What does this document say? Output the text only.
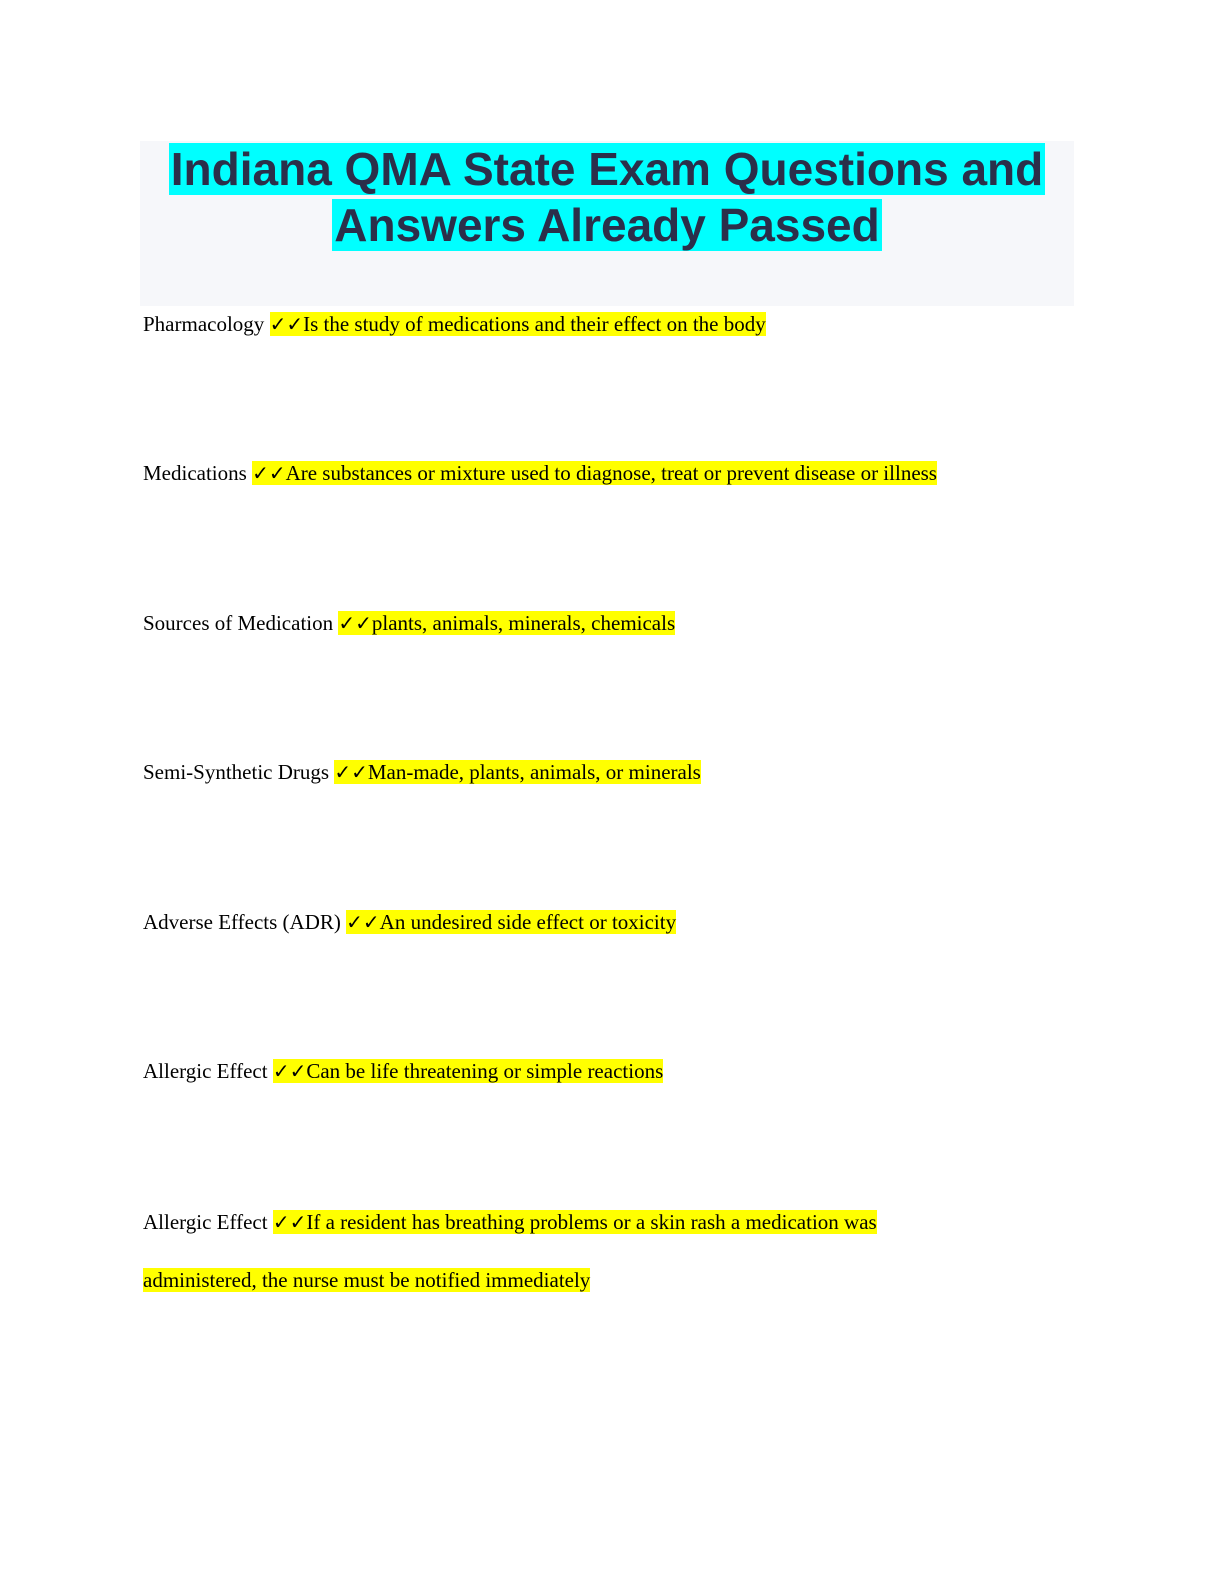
Indiana QMA State Exam Questions and
Answers Already Passed
Pharmacology ✓✓Is the study of medications and their effect on the body
Medications ✓✓Are substances or mixture used to diagnose, treat or prevent disease or illness
Sources of Medication ✓✓plants, animals, minerals, chemicals
Semi-Synthetic Drugs ✓✓Man-made, plants, animals, or minerals
Adverse Effects (ADR) ✓✓An undesired side effect or toxicity
Allergic Effect ✓✓Can be life threatening or simple reactions
Allergic Effect ✓✓If a resident has breathing problems or a skin rash a medication was administered, the nurse must be notified immediately
